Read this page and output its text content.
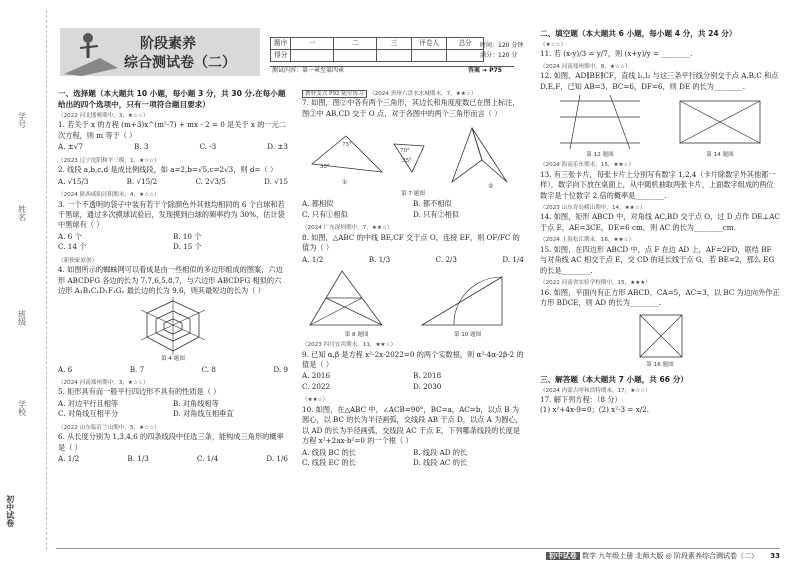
学号
姓名
班级
学校
初中试卷
阶段素养
综合测试卷（二）
题序	一	二	三	评卷人	总分
得分					
时间：120 分钟
满分：120 分
测试内容：第一章至第四章	答案 ➔ P75
一、选择题（本大题共 10 小题，每小题 3 分，共 30 分.在每小题给出的四个选项中，只有一项符合题目要求）
（2022 河北邯郸期中，3，★☆☆）
1. 若关于 x 的方程 (m+3)x^(m²-7) + mx - 2 = 0 是关于 x 的一元二次方程，则 m 等于（ ）
A. ±√7	B. 3	C. -3	D. ±3
（2023 辽宁沈阳和平三模，1，★☆☆）
2. 线段 a,b,c,d 是成比例线段，如 a=2,b=√5,c=2√3，则 d=（ ）
A. √15/3	B. √15/2	C. 2√3/5	D. √15
（2024 陕西咸阳泾阳期末，4，★☆☆）
3. 一个不透明的袋子中装有若干个除颜色外其他均相同的 6 个白球和若干黑球，通过多次摸球试验后，发现摸到白球的频率约为 30%，估计袋中黑球有（ ）
A. 6 个	B. 10 个
C. 14 个	D. 15 个
（新独家原创）
4. 如图所示的蜘蛛网可以看成是由一些相似的多边形组成的图案，六边形 ABCDFG 各边的长为 7,7,6,5,8,7，与六边形 ABCDFG 相似的六边形 A₁B₁C₁D₁F₁G₁ 最长边的长为 9.6，则其最短边的长为（ ）
第 4 题图
A. 6	B. 7	C. 8	D. 9
（2024 河南郑州期中，3，★☆☆）
5. 矩形具有而一般平行四边形不具有的性质是（ ）
A. 对边平行且相等	B. 对角线相等
C. 对角线互相平分	D. 对角线互相垂直
（2022 山东临沂兰山期中，5，★☆☆）
6. 从长度分别为 1,3,4,6 的四条线段中任选三条，能构成三角形的概率是（ ）
A. 1/2	B. 1/3	C. 1/4	D. 1/6
教材变式 P92 随堂练习 （2024 贵州六盘水水城期末，7，★★☆）
7. 如图，图②中各有两个三角形，其边长和角度度数已在图上标注，图②中 AB,CD 交于 O 点，对于各图中的两个三角形而言（ ）
75°
35°
70°
35°
①
②
第 7 题图
A. 都相似	B. 都不相似
C. 只有①相似	D. 只有②相似
（2024 广东深圳期中，7，★★☆）
8. 如图，△ABC 的中线 BE,CF 交于点 O，连接 EF，则 OF/FC 的值为（ ）
A. 1/2	B. 1/3	C. 2/3	D. 1/4
第 8 题图	第 10 题图
（2023 四川宜宾期末，11，★★☆）
9. 已知 α,β 是方程 x²-2x-2022=0 的两个实数根，则 α²-4α-2β-2 的值是（ ）
A. 2016	B. 2018
C. 2022	D. 2030
（★★☆）
10. 如图，在△ABC 中，∠ACB=90°，BC=a，AC=b，以点 B 为圆心，以 BC 的长为半径画弧，交线段 AB 于点 D，以点 A 为圆心，以 AD 的长为半径画弧，交线段 AC 于点 E，下列哪条线段的长度是方程 x²+2ax-b²=0 的一个根（ ）
A. 线段 BC 的长	B. 线段 AD 的长
C. 线段 EC 的长	D. 线段 AC 的长
二、填空题（本大题共 6 小题，每小题 4 分，共 24 分）
（★☆☆）
11. 若 (x-y)/3 = y/7，则 (x+y)/y = ________.
（2024 河南郑州期中，8，★☆☆）
12. 如图，AD∥BE∥CF，直线 l₁,l₂ 与这三条平行线分别交于点 A,B,C 和点 D,E,F，已知 AB=3，BC=6，DF=6，则 DE 的长为________.
第 12 题图	第 14 题图
（2024 海南乐东期末，15，★★☆）
13. 有三张卡片，每张卡片上分别写有数字 1,2,4（卡片除数字外其他都一样），数字向下放在桌面上，从中随机抽取两张卡片，上面数字组成的两位数字是十位数字 2 倍的概率是________.
（2023 山东青岛崂山期中，14，★★☆）
14. 如图，矩形 ABCD 中，对角线 AC,BD 交于点 O，过 D 点作 DE⊥AC 于点 E，AE=3CE，DE=6 cm，则 AC 的长为________cm.
（2024 上海松江期末，16，★★☆）
15. 如图，在四边形 ABCD 中，点 F 在边 AD 上，AF=2FD，联结 BF 与对角线 AC 相交于点 E，交 CD 的延长线于点 G，若 BE=2，那么 EG 的长是________.
（2022 河南省实验学校期中，15，★★★）
16. 如图，平面内有正方形 ABCD，CA=5，AC=3，以 BC 为边向外作正方形 BDCE，则 AD 的长为________.
第 16 题图
三、解答题（本大题共 7 小题，共 66 分）
（2024 内蒙古呼和浩特期末，17，★☆☆）
17. 解下列方程：（8 分）
(1) x²+4x-9=0；(2) x²-3 = x/2.
初中试卷 数学 九年级上册 北师大版 ◎ 阶段素养综合测试卷（二） 33
